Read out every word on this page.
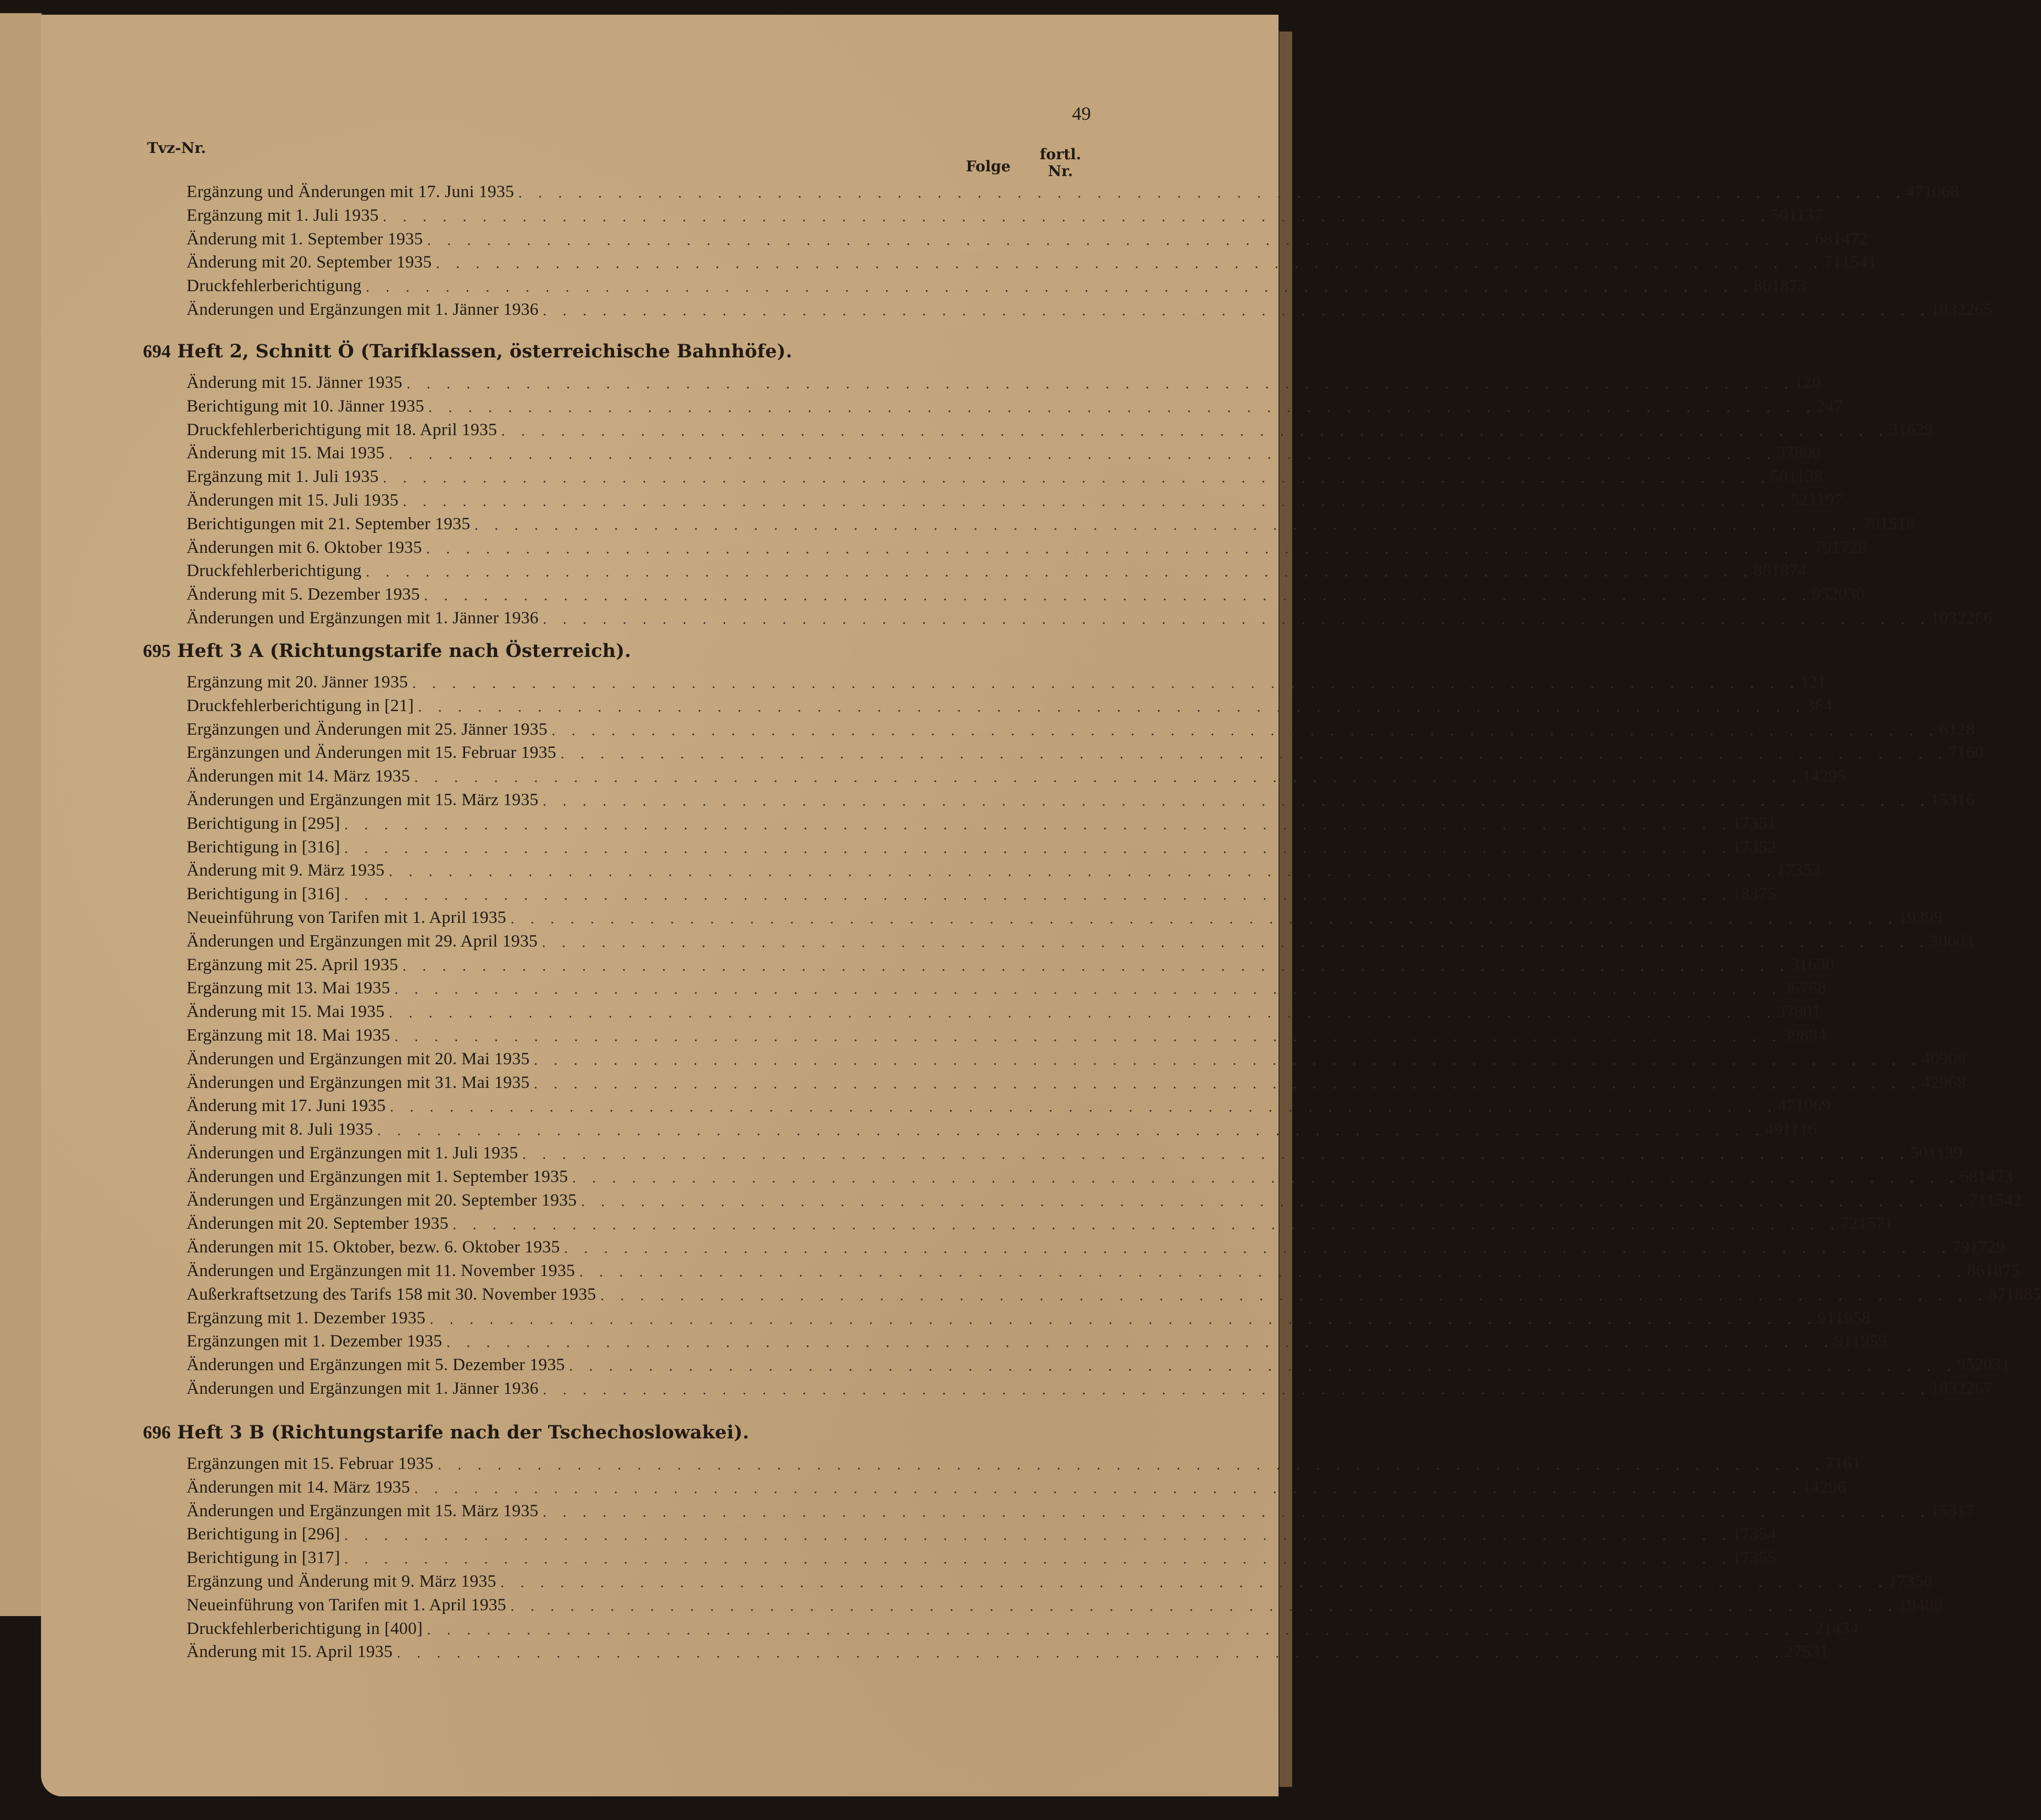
49
Tvz-Nr.
Folge
fortl.
Nr.
Ergänzung und Änderungen mit 17. Juni 1935 . . . . . . . . . . . . . . . . . . . . . . . . . . . . . . . . . . . . . . . . . . . . . . . . . . . . . . . . . . . . . . . . . . . . . . 47 1068
Ergänzung mit 1. Juli 1935 . . . . . . . . . . . . . . . . . . . . . . . . . . . . . . . . . . . . . . . . . . . . . . . . . . . . . . . . . . . . . . . . . . . . . . 50 1137
Änderung mit 1. September 1935 . . . . . . . . . . . . . . . . . . . . . . . . . . . . . . . . . . . . . . . . . . . . . . . . . . . . . . . . . . . . . . . . . . . . . . 68 1472
Änderung mit 20. September 1935 . . . . . . . . . . . . . . . . . . . . . . . . . . . . . . . . . . . . . . . . . . . . . . . . . . . . . . . . . . . . . . . . . . . . . . 71 1541
Druckfehlerberichtigung . . . . . . . . . . . . . . . . . . . . . . . . . . . . . . . . . . . . . . . . . . . . . . . . . . . . . . . . . . . . . . . . . . . . . . 86 1873
Änderungen und Ergänzungen mit 1. Jänner 1936 . . . . . . . . . . . . . . . . . . . . . . . . . . . . . . . . . . . . . . . . . . . . . . . . . . . . . . . . . . . . . . . . . . . . . . 103 2265
694 Heft 2, Schnitt Ö (Tarifklassen, österreichische Bahnhöfe).
Änderung mit 15. Jänner 1935 . . . . . . . . . . . . . . . . . . . . . . . . . . . . . . . . . . . . . . . . . . . . . . . . . . . . . . . . . . . . . . . . . . . . . . 1 20
Berichtigung mit 10. Jänner 1935 . . . . . . . . . . . . . . . . . . . . . . . . . . . . . . . . . . . . . . . . . . . . . . . . . . . . . . . . . . . . . . . . . . . . . . 2 47
Druckfehlerberichtigung mit 18. April 1935 . . . . . . . . . . . . . . . . . . . . . . . . . . . . . . . . . . . . . . . . . . . . . . . . . . . . . . . . . . . . . . . . . . . . . . 31 629
Änderung mit 15. Mai 1935 . . . . . . . . . . . . . . . . . . . . . . . . . . . . . . . . . . . . . . . . . . . . . . . . . . . . . . . . . . . . . . . . . . . . . . 37 800
Ergänzung mit 1. Juli 1935 . . . . . . . . . . . . . . . . . . . . . . . . . . . . . . . . . . . . . . . . . . . . . . . . . . . . . . . . . . . . . . . . . . . . . . 50 1138
Änderungen mit 15. Juli 1935 . . . . . . . . . . . . . . . . . . . . . . . . . . . . . . . . . . . . . . . . . . . . . . . . . . . . . . . . . . . . . . . . . . . . . . 52 1197
Berichtigungen mit 21. September 1935 . . . . . . . . . . . . . . . . . . . . . . . . . . . . . . . . . . . . . . . . . . . . . . . . . . . . . . . . . . . . . . . . . . . . . . 70 1518
Änderungen mit 6. Oktober 1935 . . . . . . . . . . . . . . . . . . . . . . . . . . . . . . . . . . . . . . . . . . . . . . . . . . . . . . . . . . . . . . . . . . . . . . 79 1728
Druckfehlerberichtigung . . . . . . . . . . . . . . . . . . . . . . . . . . . . . . . . . . . . . . . . . . . . . . . . . . . . . . . . . . . . . . . . . . . . . . 86 1874
Änderung mit 5. Dezember 1935 . . . . . . . . . . . . . . . . . . . . . . . . . . . . . . . . . . . . . . . . . . . . . . . . . . . . . . . . . . . . . . . . . . . . . . 95 2030
Änderungen und Ergänzungen mit 1. Jänner 1936 . . . . . . . . . . . . . . . . . . . . . . . . . . . . . . . . . . . . . . . . . . . . . . . . . . . . . . . . . . . . . . . . . . . . . . 103 2266
695 Heft 3 A (Richtungstarife nach Österreich).
Ergänzung mit 20. Jänner 1935 . . . . . . . . . . . . . . . . . . . . . . . . . . . . . . . . . . . . . . . . . . . . . . . . . . . . . . . . . . . . . . . . . . . . . . 1 21
Druckfehlerberichtigung in [21] . . . . . . . . . . . . . . . . . . . . . . . . . . . . . . . . . . . . . . . . . . . . . . . . . . . . . . . . . . . . . . . . . . . . . . 3 64
Ergänzungen und Änderungen mit 25. Jänner 1935 . . . . . . . . . . . . . . . . . . . . . . . . . . . . . . . . . . . . . . . . . . . . . . . . . . . . . . . . . . . . . . . . . . . . . . 6 128
Ergänzungen und Änderungen mit 15. Februar 1935 . . . . . . . . . . . . . . . . . . . . . . . . . . . . . . . . . . . . . . . . . . . . . . . . . . . . . . . . . . . . . . . . . . . . . . 7 160
Änderungen mit 14. März 1935 . . . . . . . . . . . . . . . . . . . . . . . . . . . . . . . . . . . . . . . . . . . . . . . . . . . . . . . . . . . . . . . . . . . . . . 14 295
Änderungen und Ergänzungen mit 15. März 1935 . . . . . . . . . . . . . . . . . . . . . . . . . . . . . . . . . . . . . . . . . . . . . . . . . . . . . . . . . . . . . . . . . . . . . . 15 316
Berichtigung in [295] . . . . . . . . . . . . . . . . . . . . . . . . . . . . . . . . . . . . . . . . . . . . . . . . . . . . . . . . . . . . . . . . . . . . . . 17 351
Berichtigung in [316] . . . . . . . . . . . . . . . . . . . . . . . . . . . . . . . . . . . . . . . . . . . . . . . . . . . . . . . . . . . . . . . . . . . . . . 17 352
Änderung mit 9. März 1935 . . . . . . . . . . . . . . . . . . . . . . . . . . . . . . . . . . . . . . . . . . . . . . . . . . . . . . . . . . . . . . . . . . . . . . 17 353
Berichtigung in [316] . . . . . . . . . . . . . . . . . . . . . . . . . . . . . . . . . . . . . . . . . . . . . . . . . . . . . . . . . . . . . . . . . . . . . . 18 375
Neueinführung von Tarifen mit 1. April 1935 . . . . . . . . . . . . . . . . . . . . . . . . . . . . . . . . . . . . . . . . . . . . . . . . . . . . . . . . . . . . . . . . . . . . . . 19 399
Änderungen und Ergänzungen mit 29. April 1935 . . . . . . . . . . . . . . . . . . . . . . . . . . . . . . . . . . . . . . . . . . . . . . . . . . . . . . . . . . . . . . . . . . . . . . 30 603
Ergänzung mit 25. April 1935 . . . . . . . . . . . . . . . . . . . . . . . . . . . . . . . . . . . . . . . . . . . . . . . . . . . . . . . . . . . . . . . . . . . . . . 31 630
Ergänzung mit 13. Mai 1935 . . . . . . . . . . . . . . . . . . . . . . . . . . . . . . . . . . . . . . . . . . . . . . . . . . . . . . . . . . . . . . . . . . . . . . 36 768
Änderung mit 15. Mai 1935 . . . . . . . . . . . . . . . . . . . . . . . . . . . . . . . . . . . . . . . . . . . . . . . . . . . . . . . . . . . . . . . . . . . . . . 37 801
Ergänzung mit 18. Mai 1935 . . . . . . . . . . . . . . . . . . . . . . . . . . . . . . . . . . . . . . . . . . . . . . . . . . . . . . . . . . . . . . . . . . . . . . 39 884
Änderungen und Ergänzungen mit 20. Mai 1935 . . . . . . . . . . . . . . . . . . . . . . . . . . . . . . . . . . . . . . . . . . . . . . . . . . . . . . . . . . . . . . . . . . . . . . 40 909
Änderungen und Ergänzungen mit 31. Mai 1935 . . . . . . . . . . . . . . . . . . . . . . . . . . . . . . . . . . . . . . . . . . . . . . . . . . . . . . . . . . . . . . . . . . . . . . 42 968
Änderung mit 17. Juni 1935 . . . . . . . . . . . . . . . . . . . . . . . . . . . . . . . . . . . . . . . . . . . . . . . . . . . . . . . . . . . . . . . . . . . . . . 47 1069
Änderung mit 8. Juli 1935 . . . . . . . . . . . . . . . . . . . . . . . . . . . . . . . . . . . . . . . . . . . . . . . . . . . . . . . . . . . . . . . . . . . . . . 49 1116
Änderungen und Ergänzungen mit 1. Juli 1935 . . . . . . . . . . . . . . . . . . . . . . . . . . . . . . . . . . . . . . . . . . . . . . . . . . . . . . . . . . . . . . . . . . . . . . 50 1139
Änderungen und Ergänzungen mit 1. September 1935 . . . . . . . . . . . . . . . . . . . . . . . . . . . . . . . . . . . . . . . . . . . . . . . . . . . . . . . . . . . . . . . . . . . . . . 68 1473
Änderungen und Ergänzungen mit 20. September 1935 . . . . . . . . . . . . . . . . . . . . . . . . . . . . . . . . . . . . . . . . . . . . . . . . . . . . . . . . . . . . . . . . . . . . . . 71 1542
Änderungen mit 20. September 1935 . . . . . . . . . . . . . . . . . . . . . . . . . . . . . . . . . . . . . . . . . . . . . . . . . . . . . . . . . . . . . . . . . . . . . . 72 1571
Änderungen mit 15. Oktober, bezw. 6. Oktober 1935 . . . . . . . . . . . . . . . . . . . . . . . . . . . . . . . . . . . . . . . . . . . . . . . . . . . . . . . . . . . . . . . . . . . . . . 79 1729
Änderungen und Ergänzungen mit 11. November 1935 . . . . . . . . . . . . . . . . . . . . . . . . . . . . . . . . . . . . . . . . . . . . . . . . . . . . . . . . . . . . . . . . . . . . . . 86 1875
Außerkraftsetzung des Tarifs 158 mit 30. November 1935 . . . . . . . . . . . . . . . . . . . . . . . . . . . . . . . . . . . . . . . . . . . . . . . . . . . . . . . . . . . . . . . . . . . . . . 87 1885
Ergänzung mit 1. Dezember 1935 . . . . . . . . . . . . . . . . . . . . . . . . . . . . . . . . . . . . . . . . . . . . . . . . . . . . . . . . . . . . . . . . . . . . . . 91 1958
Ergänzungen mit 1. Dezember 1935 . . . . . . . . . . . . . . . . . . . . . . . . . . . . . . . . . . . . . . . . . . . . . . . . . . . . . . . . . . . . . . . . . . . . . . 91 1959
Änderungen und Ergänzungen mit 5. Dezember 1935 . . . . . . . . . . . . . . . . . . . . . . . . . . . . . . . . . . . . . . . . . . . . . . . . . . . . . . . . . . . . . . . . . . . . . . 95 2031
Änderungen und Ergänzungen mit 1. Jänner 1936 . . . . . . . . . . . . . . . . . . . . . . . . . . . . . . . . . . . . . . . . . . . . . . . . . . . . . . . . . . . . . . . . . . . . . . 103 2267
696 Heft 3 B (Richtungstarife nach der Tschechoslowakei).
Ergänzungen mit 15. Februar 1935 . . . . . . . . . . . . . . . . . . . . . . . . . . . . . . . . . . . . . . . . . . . . . . . . . . . . . . . . . . . . . . . . . . . . . . 7 161
Änderungen mit 14. März 1935 . . . . . . . . . . . . . . . . . . . . . . . . . . . . . . . . . . . . . . . . . . . . . . . . . . . . . . . . . . . . . . . . . . . . . . 14 296
Änderungen und Ergänzungen mit 15. März 1935 . . . . . . . . . . . . . . . . . . . . . . . . . . . . . . . . . . . . . . . . . . . . . . . . . . . . . . . . . . . . . . . . . . . . . . 15 317
Berichtigung in [296] . . . . . . . . . . . . . . . . . . . . . . . . . . . . . . . . . . . . . . . . . . . . . . . . . . . . . . . . . . . . . . . . . . . . . . 17 354
Berichtigung in [317] . . . . . . . . . . . . . . . . . . . . . . . . . . . . . . . . . . . . . . . . . . . . . . . . . . . . . . . . . . . . . . . . . . . . . . 17 355
Ergänzung und Änderung mit 9. März 1935 . . . . . . . . . . . . . . . . . . . . . . . . . . . . . . . . . . . . . . . . . . . . . . . . . . . . . . . . . . . . . . . . . . . . . . 17 356
Neueinführung von Tarifen mit 1. April 1935 . . . . . . . . . . . . . . . . . . . . . . . . . . . . . . . . . . . . . . . . . . . . . . . . . . . . . . . . . . . . . . . . . . . . . . 19 400
Druckfehlerberichtigung in [400] . . . . . . . . . . . . . . . . . . . . . . . . . . . . . . . . . . . . . . . . . . . . . . . . . . . . . . . . . . . . . . . . . . . . . . 21 434
Änderung mit 15. April 1935 . . . . . . . . . . . . . . . . . . . . . . . . . . . . . . . . . . . . . . . . . . . . . . . . . . . . . . . . . . . . . . . . . . . . . . 27 531
